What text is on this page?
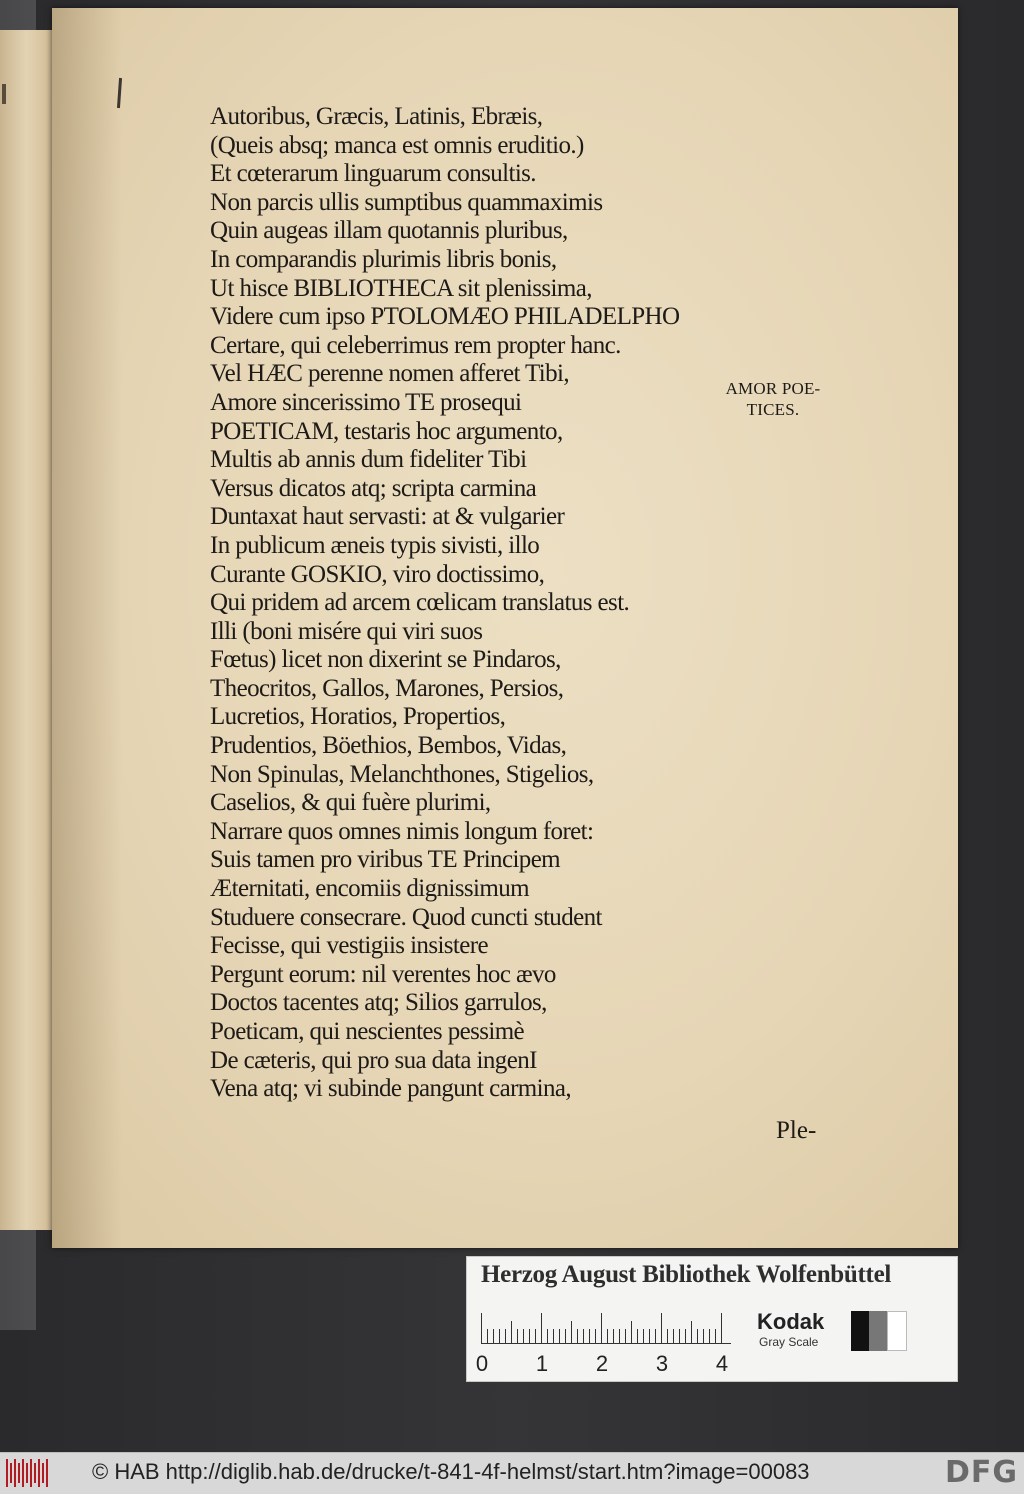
Autoribus, Græcis, Latinis, Ebræis,
(Queis absq; manca est omnis eruditio.)
Et cœterarum linguarum consultis.
Non parcis ullis sumptibus quammaximis
Quin augeas illam quotannis pluribus,
In comparandis plurimis libris bonis,
Ut hisce BIBLIOTHECA sit plenissima,
Videre cum ipso PTOLOMÆO PHILADELPHO
Certare, qui celeberrimus rem propter hanc.
Vel HÆC perenne nomen afferet Tibi,
Amore sincerissimo TE prosequi
POETICAM, testaris hoc argumento,
Multis ab annis dum fideliter Tibi
Versus dicatos atq; scripta carmina
Duntaxat haut servasti: at & vulgarier
In publicum æneis typis sivisti, illo
Curante GOSKIO, viro doctissimo,
Qui pridem ad arcem cœlicam translatus est.
Illi (boni misére qui viri suos
Fœtus) licet non dixerint se Pindaros,
Theocritos, Gallos, Marones, Persios,
Lucretios, Horatios, Propertios,
Prudentios, Böethios, Bembos, Vidas,
Non Spinulas, Melanchthones, Stigelios,
Caselios, & qui fuère plurimi,
Narrare quos omnes nimis longum foret:
Suis tamen pro viribus TE Principem
Æternitati, encomiis dignissimum
Studuere consecrare. Quod cuncti student
Fecisse, qui vestigiis insistere
Pergunt eorum: nil verentes hoc ævo
Doctos tacentes atq; Silios garrulos,
Poeticam, qui nescientes pessimè
De cæteris, qui pro sua data ingenI
Vena atq; vi subinde pangunt carmina,
AMOR POE-
TICES.
Ple-
Herzog August Bibliothek Wolfenbüttel
0 1 2 3 4
Kodak
Gray Scale
© HAB http://diglib.hab.de/drucke/t-841-4f-helmst/start.htm?image=00083	DFG
